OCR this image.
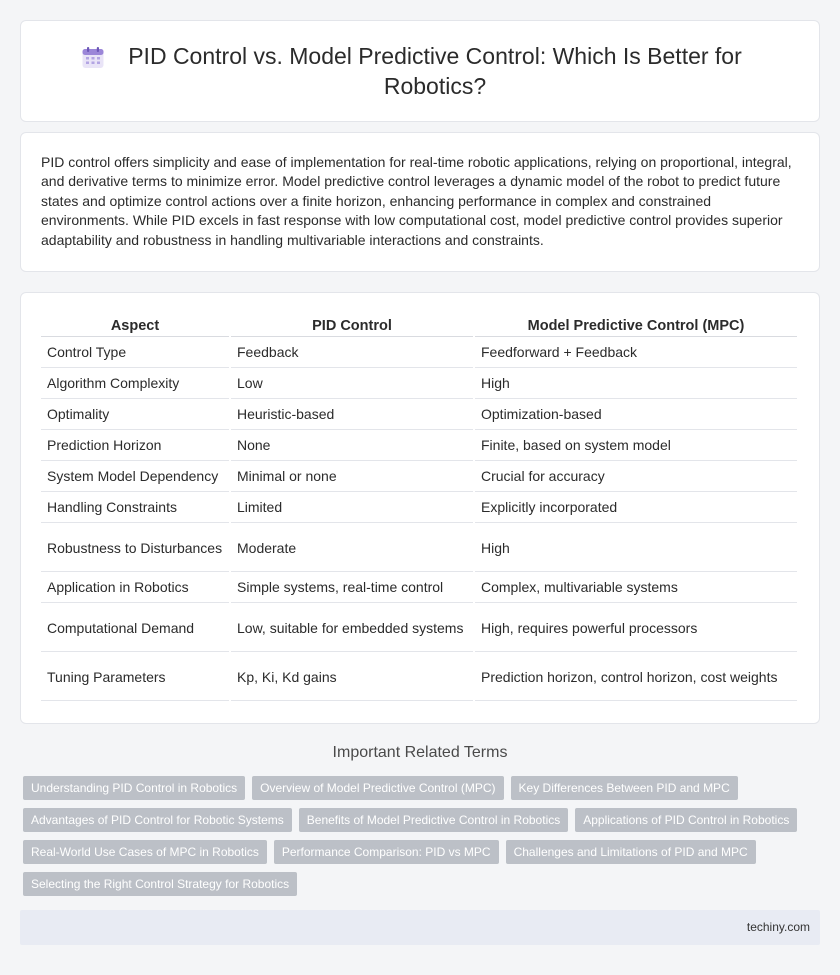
PID Control vs. Model Predictive Control: Which Is Better for Robotics?

PID control offers simplicity and ease of implementation for real-time robotic applications, relying on proportional, integral, and derivative terms to minimize error. Model predictive control leverages a dynamic model of the robot to predict future states and optimize control actions over a finite horizon, enhancing performance in complex and constrained environments. While PID excels in fast response with low computational cost, model predictive control provides superior adaptability and robustness in handling multivariable interactions and constraints.

Aspect	PID Control	Model Predictive Control (MPC)
Control Type	Feedback	Feedforward + Feedback
Algorithm Complexity	Low	High
Optimality	Heuristic-based	Optimization-based
Prediction Horizon	None	Finite, based on system model
System Model Dependency	Minimal or none	Crucial for accuracy
Handling Constraints	Limited	Explicitly incorporated
Robustness to Disturbances	Moderate	High
Application in Robotics	Simple systems, real-time control	Complex, multivariable systems
Computational Demand	Low, suitable for embedded systems	High, requires powerful processors
Tuning Parameters	Kp, Ki, Kd gains	Prediction horizon, control horizon, cost weights
Important Related Terms
Understanding PID Control in Robotics	Overview of Model Predictive Control (MPC)	Key Differences Between PID and MPC
Advantages of PID Control for Robotic Systems	Benefits of Model Predictive Control in Robotics	Applications of PID Control in Robotics
Real-World Use Cases of MPC in Robotics	Performance Comparison: PID vs MPC	Challenges and Limitations of PID and MPC
Selecting the Right Control Strategy for Robotics
techiny.com
